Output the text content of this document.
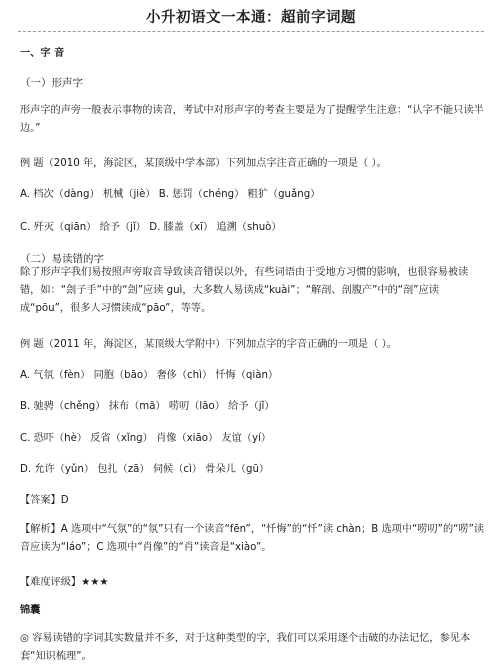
小升初语文一本通：超前字词题
一、字 音
（一）形声字
形声字的声旁一般表示事物的读音，考试中对形声字的考查主要是为了提醒学生注意：“认字不能只读半边。”
例 题（2010 年，海淀区，某顶级中学本部）下列加点字注音正确的一项是（ ）。
A. 档次（dàng） 机械（jiè） B. 惩罚（chéng） 粗犷（guǎng）
C. 歼灭（qiān） 给予（jǐ） D. 膝盖（xī） 追溯（shuò）
（二）易读错的字
除了形声字我们易按照声旁取音导致读音错误以外，有些词语由于受地方习惯的影响，也很容易被读错，如：“刽子手”中的“刽”应读 guì，大多数人易读成“kuài”；“解剖、剖腹产”中的“剖”应读成“pōu”，很多人习惯读成“pāo”，等等。
例 题（2011 年，海淀区，某顶级大学附中）下列加点字的字音正确的一项是（ ）。
A. 气氛（fèn） 同胞（bāo） 奢侈（chì） 忏悔（qiàn）
B. 驰骋（chěng） 抹布（mā） 唠叨（lāo） 给予（jǐ）
C. 恐吓（hè） 反省（xǐng） 肖像（xiāo） 友谊（yí）
D. 允许（yǔn） 包扎（zā） 伺候（cì） 骨朵儿（gū）
【答案】D
【解析】A 选项中“气氛”的“氛”只有一个读音“fēn”，“忏悔”的“忏”读 chàn；B 选项中“唠叨”的“唠”读音应读为“láo”；C 选项中“肖像”的“肖”读音是“xiào”。
【难度评级】★★★
锦囊
◎ 容易读错的字词其实数量并不多，对于这种类型的字，我们可以采用逐个击破的办法记忆，参见本套“知识梳理”。
